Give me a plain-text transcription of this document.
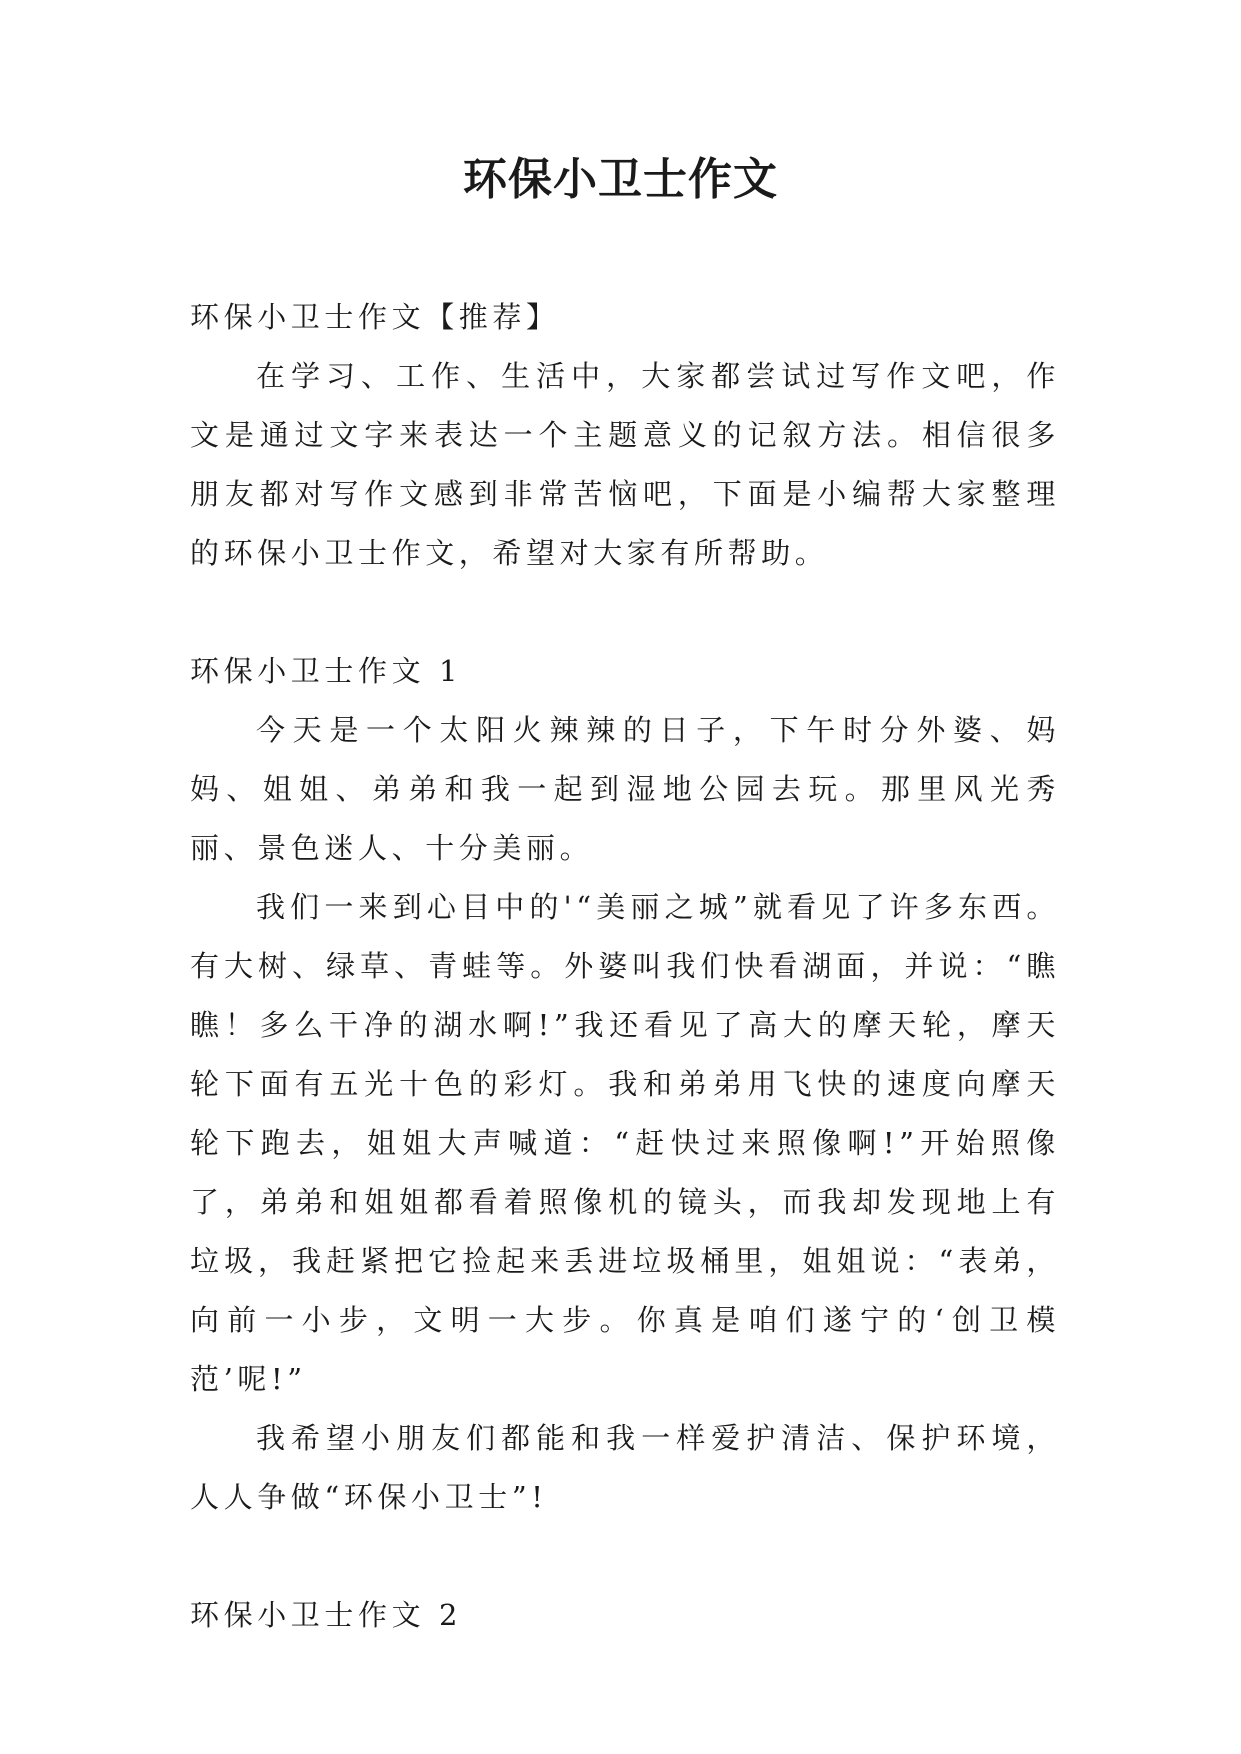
环保小卫士作文

环保小卫士作文【推荐】

在学习、工作、生活中，大家都尝试过写作文吧，作文是通过文字来表达一个主题意义的记叙方法。相信很多朋友都对写作文感到非常苦恼吧，下面是小编帮大家整理的环保小卫士作文，希望对大家有所帮助。

环保小卫士作文 1

今天是一个太阳火辣辣的日子，下午时分外婆、妈妈、姐姐、弟弟和我一起到湿地公园去玩。那里风光秀丽、景色迷人、十分美丽。

我们一来到心目中的'“美丽之城”就看见了许多东西。有大树、绿草、青蛙等。外婆叫我们快看湖面，并说：“瞧瞧！多么干净的湖水啊!”我还看见了高大的摩天轮，摩天轮下面有五光十色的彩灯。我和弟弟用飞快的速度向摩天轮下跑去，姐姐大声喊道：“赶快过来照像啊!”开始照像了，弟弟和姐姐都看着照像机的镜头，而我却发现地上有垃圾，我赶紧把它捡起来丢进垃圾桶里，姐姐说：“表弟，向前一小步，文明一大步。你真是咱们遂宁的‘创卫模范’呢!”

我希望小朋友们都能和我一样爱护清洁、保护环境，人人争做“环保小卫士”!

环保小卫士作文 2
